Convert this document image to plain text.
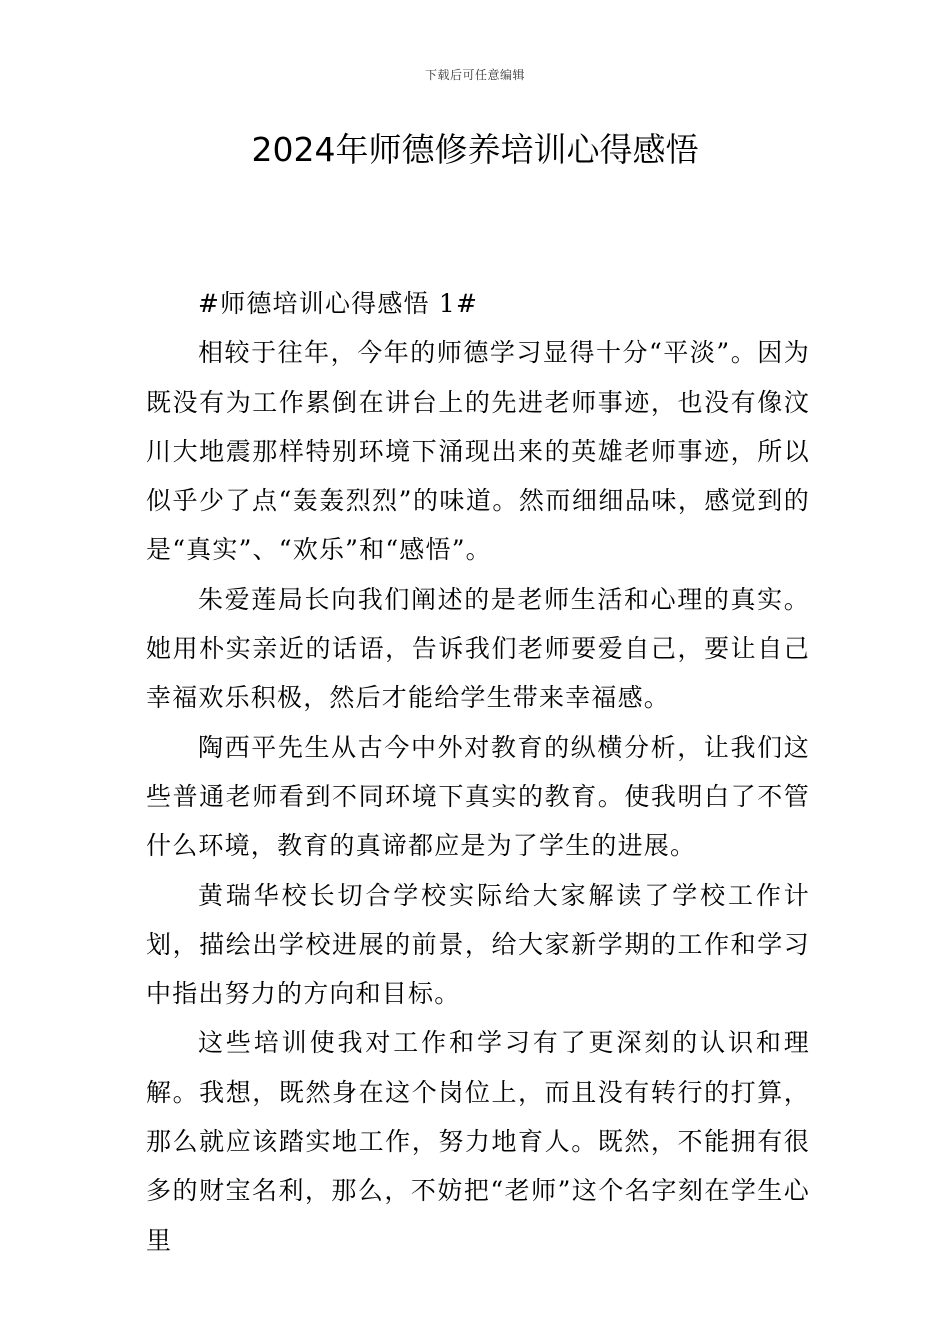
下载后可任意编辑
2024年师德修养培训心得感悟

#师德培训心得感悟 1#

相较于往年，今年的师德学习显得十分“平淡”。因为既没有为工作累倒在讲台上的先进老师事迹，也没有像汶川大地震那样特别环境下涌现出来的英雄老师事迹，所以似乎少了点“轰轰烈烈”的味道。然而细细品味，感觉到的是“真实”、“欢乐”和“感悟”。

朱爱莲局长向我们阐述的是老师生活和心理的真实。她用朴实亲近的话语，告诉我们老师要爱自己，要让自己幸福欢乐积极，然后才能给学生带来幸福感。

陶西平先生从古今中外对教育的纵横分析，让我们这些普通老师看到不同环境下真实的教育。使我明白了不管什么环境，教育的真谛都应是为了学生的进展。

黄瑞华校长切合学校实际给大家解读了学校工作计划，描绘出学校进展的前景，给大家新学期的工作和学习中指出努力的方向和目标。

这些培训使我对工作和学习有了更深刻的认识和理解。我想，既然身在这个岗位上，而且没有转行的打算，那么就应该踏实地工作，努力地育人。既然，不能拥有很多的财宝名利，那么，不妨把“老师”这个名字刻在学生心里
